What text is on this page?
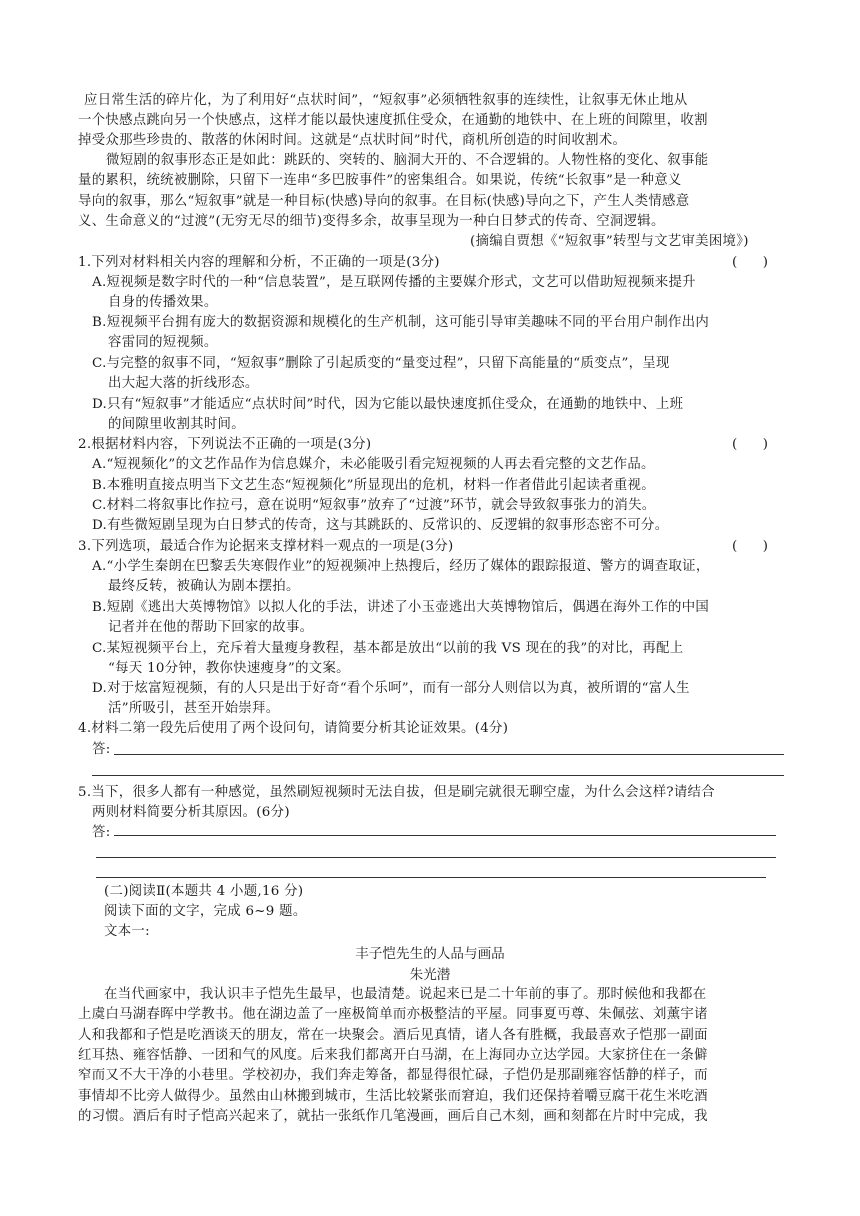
应日常生活的碎片化，为了利用好“点状时间”，“短叙事”必须牺牲叙事的连续性，让叙事无休止地从
一个快感点跳向另一个快感点，这样才能以最快速度抓住受众，在通勤的地铁中、在上班的间隙里，收割
掉受众那些珍贵的、散落的休闲时间。这就是“点状时间”时代，商机所创造的时间收割术。
微短剧的叙事形态正是如此：跳跃的、突转的、脑洞大开的、不合逻辑的。人物性格的变化、叙事能
量的累积，统统被删除，只留下一连串“多巴胺事件”的密集组合。如果说，传统“长叙事”是一种意义
导向的叙事，那么“短叙事”就是一种目标(快感)导向的叙事。在目标(快感)导向之下，产生人类情感意
义、生命意义的“过渡”(无穷无尽的细节)变得多余，故事呈现为一种白日梦式的传奇、空洞逻辑。
(摘编自贾想《“短叙事”转型与文艺审美困境》)
1.下列对材料相关内容的理解和分析，不正确的一项是(3分)	(      )
A.短视频是数字时代的一种“信息装置”，是互联网传播的主要媒介形式，文艺可以借助短视频来提升
自身的传播效果。
B.短视频平台拥有庞大的数据资源和规模化的生产机制，这可能引导审美趣味不同的平台用户制作出内
容雷同的短视频。
C.与完整的叙事不同，“短叙事”删除了引起质变的“量变过程”，只留下高能量的“质变点”，呈现
出大起大落的折线形态。
D.只有“短叙事”才能适应“点状时间”时代，因为它能以最快速度抓住受众，在通勤的地铁中、上班
的间隙里收割其时间。
2.根据材料内容，下列说法不正确的一项是(3分)	(      )
A.“短视频化”的文艺作品作为信息媒介，未必能吸引看完短视频的人再去看完整的文艺作品。
B.本雅明直接点明当下文艺生态“短视频化”所显现出的危机，材料一作者借此引起读者重视。
C.材料二将叙事比作拉弓，意在说明“短叙事”放弃了“过渡”环节，就会导致叙事张力的消失。
D.有些微短剧呈现为白日梦式的传奇，这与其跳跃的、反常识的、反逻辑的叙事形态密不可分。
3.下列选项，最适合作为论据来支撑材料一观点的一项是(3分)	(      )
A.“小学生秦朗在巴黎丢失寒假作业”的短视频冲上热搜后，经历了媒体的跟踪报道、警方的调查取证，
最终反转，被确认为剧本摆拍。
B.短剧《逃出大英博物馆》以拟人化的手法，讲述了小玉壶逃出大英博物馆后，偶遇在海外工作的中国
记者并在他的帮助下回家的故事。
C.某短视频平台上，充斥着大量瘦身教程，基本都是放出“以前的我 VS 现在的我”的对比，再配上
“每天 10分钟，教你快速瘦身”的文案。
D.对于炫富短视频，有的人只是出于好奇“看个乐呵”，而有一部分人则信以为真，被所谓的“富人生
活”所吸引，甚至开始崇拜。
4.材料二第一段先后使用了两个设问句，请简要分析其论证效果。(4分)
答:
5.当下，很多人都有一种感觉，虽然刷短视频时无法自拔，但是刷完就很无聊空虚，为什么会这样?请结合
两则材料简要分析其原因。(6分)
答:
(二)阅读Ⅱ(本题共 4 小题,16 分)
阅读下面的文字，完成 6~9 题。
文本一:
丰子恺先生的人品与画品
朱光潜
在当代画家中，我认识丰子恺先生最早，也最清楚。说起来已是二十年前的事了。那时候他和我都在
上虞白马湖春晖中学教书。他在湖边盖了一座极简单而亦极整洁的平屋。同事夏丏尊、朱佩弦、刘薰宇诸
人和我都和子恺是吃酒谈天的朋友，常在一块聚会。酒后见真情，诸人各有胜概，我最喜欢子恺那一副面
红耳热、雍容恬静、一团和气的风度。后来我们都离开白马湖，在上海同办立达学园。大家挤住在一条僻
窄而又不大干净的小巷里。学校初办，我们奔走筹备，都显得很忙碌，子恺仍是那副雍容恬静的样子，而
事情却不比旁人做得少。虽然由山林搬到城市，生活比较紧张而窘迫，我们还保持着嚼豆腐干花生米吃酒
的习惯。酒后有时子恺高兴起来了，就拈一张纸作几笔漫画，画后自己木刻，画和刻都在片时中完成，我
